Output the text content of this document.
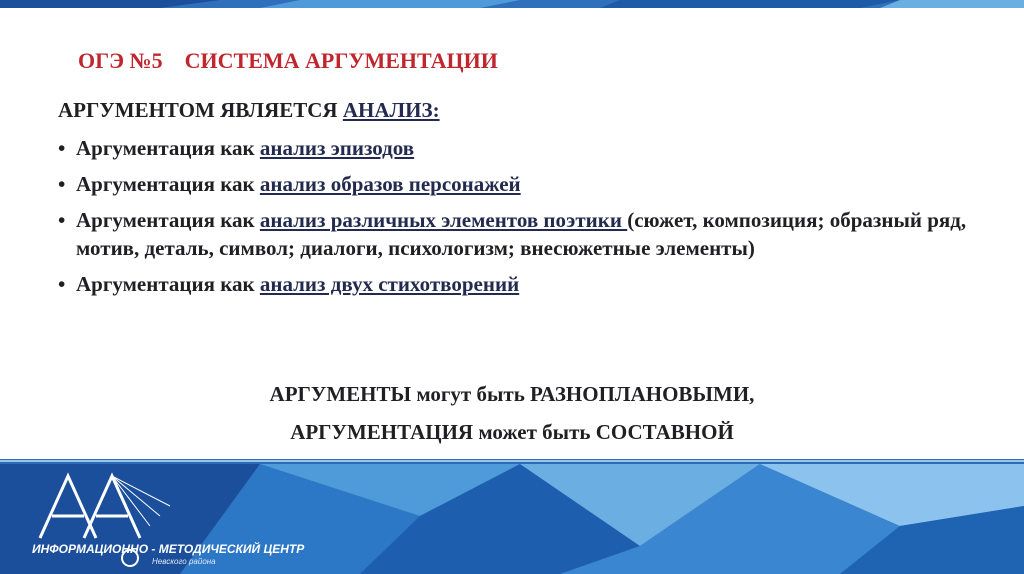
ОГЭ №5    СИСТЕМА АРГУМЕНТАЦИИ

АРГУМЕНТОМ ЯВЛЯЕТСЯ АНАЛИЗ:

• Аргументация как анализ эпизодов
• Аргументация как анализ образов персонажей
• Аргументация как анализ различных элементов поэтики (сюжет, композиция; образный ряд, мотив, деталь, символ; диалоги, психологизм; внесюжетные элементы)
• Аргументация как анализ двух стихотворений

АРГУМЕНТЫ могут быть РАЗНОПЛАНОВЫМИ,

АРГУМЕНТАЦИЯ может быть СОСТАВНОЙ

ИНФОРМАЦИОННО - МЕТОДИЧЕСКИЙ ЦЕНТР
Невского района
